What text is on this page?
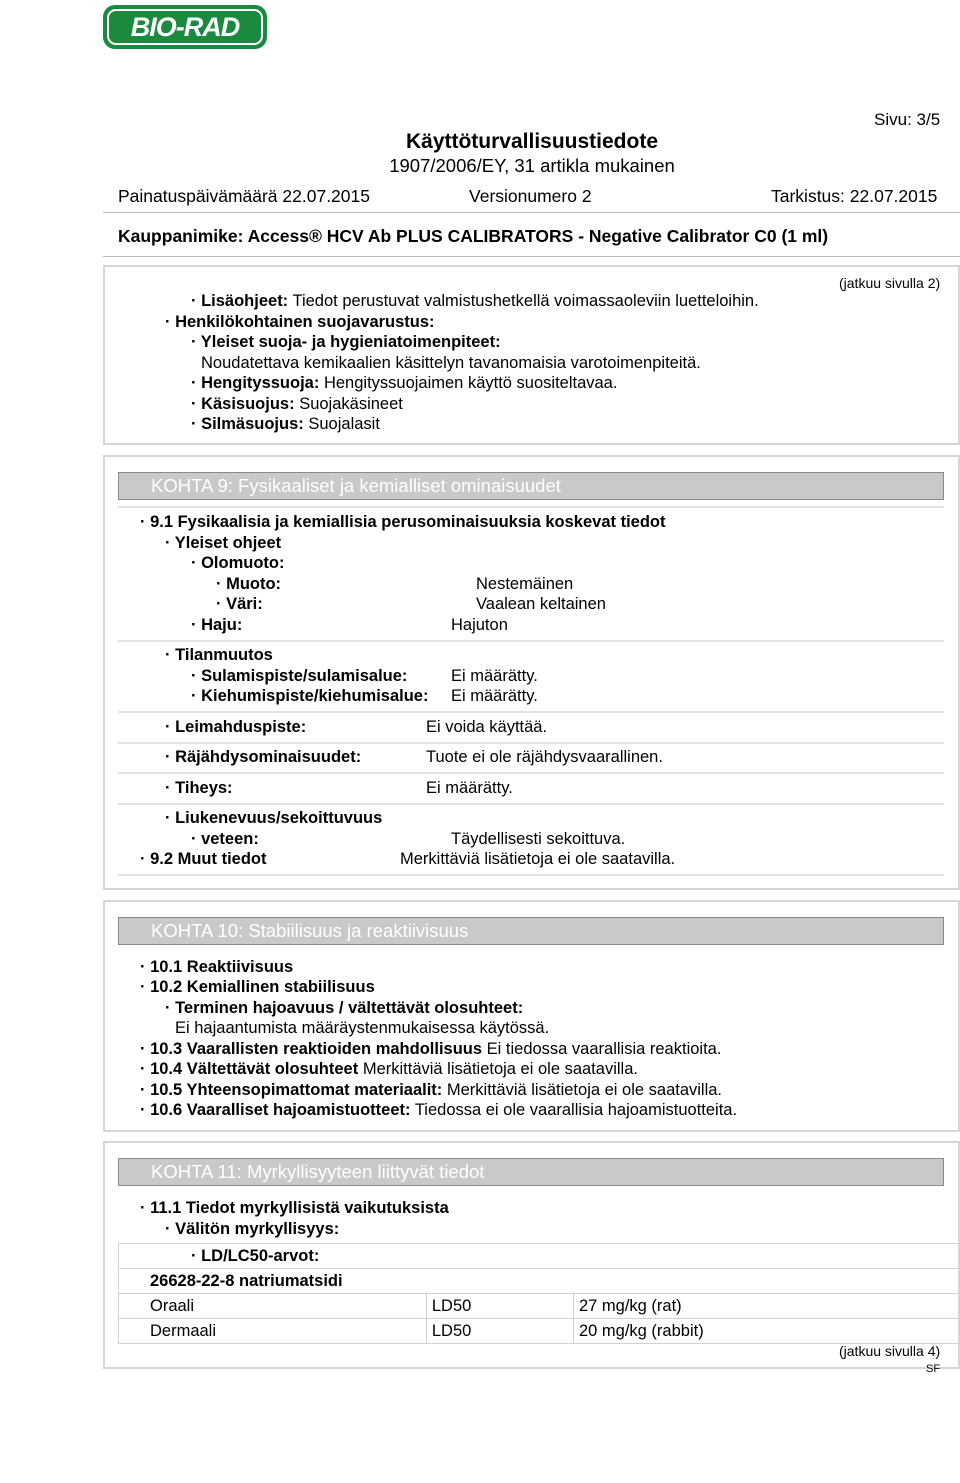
BIO-RAD
Sivu: 3/5
Käyttöturvallisuustiedote
1907/2006/EY, 31 artikla mukainen
Painatuspäivämäärä 22.07.2015	Versionumero 2	Tarkistus: 22.07.2015
Kauppanimike: Access® HCV Ab PLUS CALIBRATORS - Negative Calibrator C0 (1 ml)
(jatkuu sivulla 2)
· Lisäohjeet: Tiedot perustuvat valmistushetkellä voimassaoleviin luetteloihin.
· Henkilökohtainen suojavarustus:
· Yleiset suoja- ja hygieniatoimenpiteet:
Noudatettava kemikaalien käsittelyn tavanomaisia varotoimenpiteitä.
· Hengityssuoja: Hengityssuojaimen käyttö suositeltavaa.
· Käsisuojus: Suojakäsineet
· Silmäsuojus: Suojalasit
KOHTA 9: Fysikaaliset ja kemialliset ominaisuudet
· 9.1 Fysikaalisia ja kemiallisia perusominaisuuksia koskevat tiedot
· Yleiset ohjeet
· Olomuoto:
· Muoto:	Nestemäinen
· Väri:	Vaalean keltainen
· Haju:	Hajuton
· Tilanmuutos
· Sulamispiste/sulamisalue:	Ei määrätty.
· Kiehumispiste/kiehumisalue: Ei määrätty.
· Leimahduspiste:	Ei voida käyttää.
· Räjähdysominaisuudet:	Tuote ei ole räjähdysvaarallinen.
· Tiheys:	Ei määrätty.
· Liukenevuus/sekoittuvuus
· veteen:	Täydellisesti sekoittuva.
· 9.2 Muut tiedot	Merkittäviä lisätietoja ei ole saatavilla.
KOHTA 10: Stabiilisuus ja reaktiivisuus
· 10.1 Reaktiivisuus
· 10.2 Kemiallinen stabiilisuus
· Terminen hajoavuus / vältettävät olosuhteet:
Ei hajaantumista määräystenmukaisessa käytössä.
· 10.3 Vaarallisten reaktioiden mahdollisuus Ei tiedossa vaarallisia reaktioita.
· 10.4 Vältettävät olosuhteet Merkittäviä lisätietoja ei ole saatavilla.
· 10.5 Yhteensopimattomat materiaalit: Merkittäviä lisätietoja ei ole saatavilla.
· 10.6 Vaaralliset hajoamistuotteet: Tiedossa ei ole vaarallisia hajoamistuotteita.
KOHTA 11: Myrkyllisyyteen liittyvät tiedot
· 11.1 Tiedot myrkyllisistä vaikutuksista
· Välitön myrkyllisyys:
· LD/LC50-arvot:		
26628-22-8 natriumatsidi		
Oraali	LD50	27 mg/kg (rat)
Dermaali	LD50	20 mg/kg (rabbit)
(jatkuu sivulla 4)
SF
